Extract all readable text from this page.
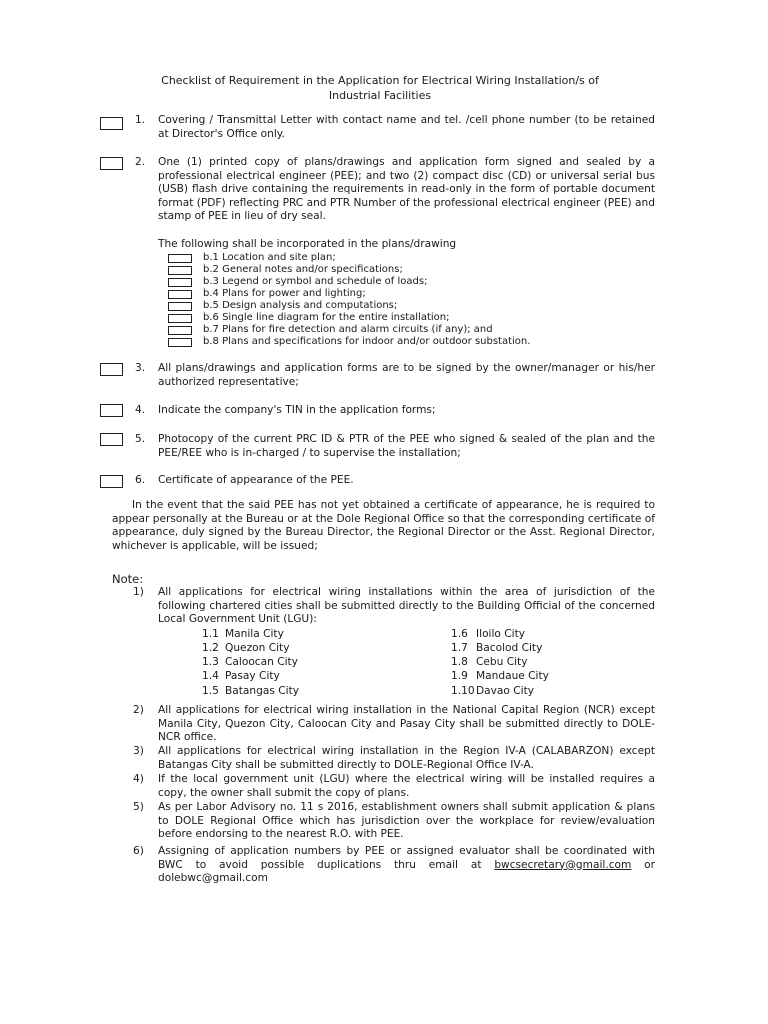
Checklist of Requirement in the Application for Electrical Wiring Installation/s of
Industrial Facilities
1. Covering / Transmittal Letter with contact name and tel. /cell phone number (to be retained at Director's Office only.
2. One (1) printed copy of plans/drawings and application form signed and sealed by a professional electrical engineer (PEE); and two (2) compact disc (CD) or universal serial bus (USB) flash drive containing the requirements in read-only in the form of portable document format (PDF) reflecting PRC and PTR Number of the professional electrical engineer (PEE) and stamp of PEE in lieu of dry seal.
The following shall be incorporated in the plans/drawing
b.1 Location and site plan;
b.2 General notes and/or specifications;
b.3 Legend or symbol and schedule of loads;
b.4 Plans for power and lighting;
b.5 Design analysis and computations;
b.6 Single line diagram for the entire installation;
b.7 Plans for fire detection and alarm circuits (if any); and
b.8 Plans and specifications for indoor and/or outdoor substation.
3. All plans/drawings and application forms are to be signed by the owner/manager or his/her authorized representative;
4. Indicate the company's TIN in the application forms;
5. Photocopy of the current PRC ID & PTR of the PEE who signed & sealed of the plan and the PEE/REE who is in-charged / to supervise the installation;
6. Certificate of appearance of the PEE.
In the event that the said PEE has not yet obtained a certificate of appearance, he is required to appear personally at the Bureau or at the Dole Regional Office so that the corresponding certificate of appearance, duly signed by the Bureau Director, the Regional Director or the Asst. Regional Director, whichever is applicable, will be issued;
Note:
1) All applications for electrical wiring installations within the area of jurisdiction of the following chartered cities shall be submitted directly to the Building Official of the concerned Local Government Unit (LGU):
1.1 Manila City
1.2 Quezon City
1.3 Caloocan City
1.4 Pasay City
1.5 Batangas City
1.6 Iloilo City
1.7 Bacolod City
1.8 Cebu City
1.9 Mandaue City
1.10 Davao City
2) All applications for electrical wiring installation in the National Capital Region (NCR) except Manila City, Quezon City, Caloocan City and Pasay City shall be submitted directly to DOLE-NCR office.
3) All applications for electrical wiring installation in the Region IV-A (CALABARZON) except Batangas City shall be submitted directly to DOLE-Regional Office IV-A.
4) If the local government unit (LGU) where the electrical wiring will be installed requires a copy, the owner shall submit the copy of plans.
5) As per Labor Advisory no. 11 s 2016, establishment owners shall submit application & plans to DOLE Regional Office which has jurisdiction over the workplace for review/evaluation before endorsing to the nearest R.O. with PEE.
6) Assigning of application numbers by PEE or assigned evaluator shall be coordinated with BWC to avoid possible duplications thru email at bwcsecretary@gmail.com or dolebwc@gmail.com
